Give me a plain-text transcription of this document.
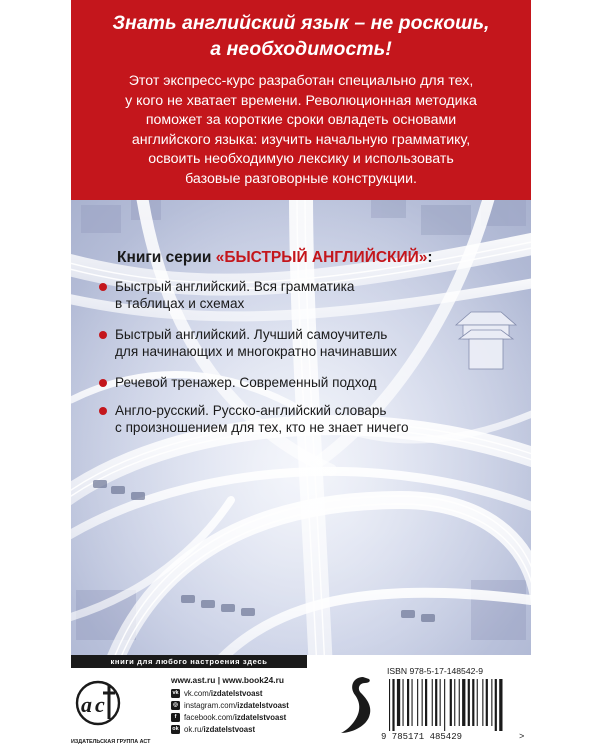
Знать английский язык – не роскошь,
а необходимость!
Этот экспресс-курс разработан специально для тех,
у кого не хватает времени. Революционная методика
поможет за короткие сроки овладеть основами
английского языка: изучить начальную грамматику,
освоить необходимую лексику и использовать
базовые разговорные конструкции.
Книги серии «БЫСТРЫЙ АНГЛИЙСКИЙ»:
Быстрый английский. Вся грамматика
в таблицах и схемах
Быстрый английский. Лучший самоучитель
для начинающих и многократно начинавших
Речевой тренажер. Современный подход
Англо-русский. Русско-английский словарь
с произношением для тех, кто не знает ничего
книги для любого настроения здесь
a c
ИЗДАТЕЛЬСКАЯ ГРУППА АСТ
www.ast.ru | www.book24.ru
vk vk.com/izdatelstvoast
◎ instagram.com/izdatelstvoast
f facebook.com/izdatelstvoast
ok ok.ru/izdatelstvoast
ISBN 978-5-17-148542-9
9 785171 485429	>
